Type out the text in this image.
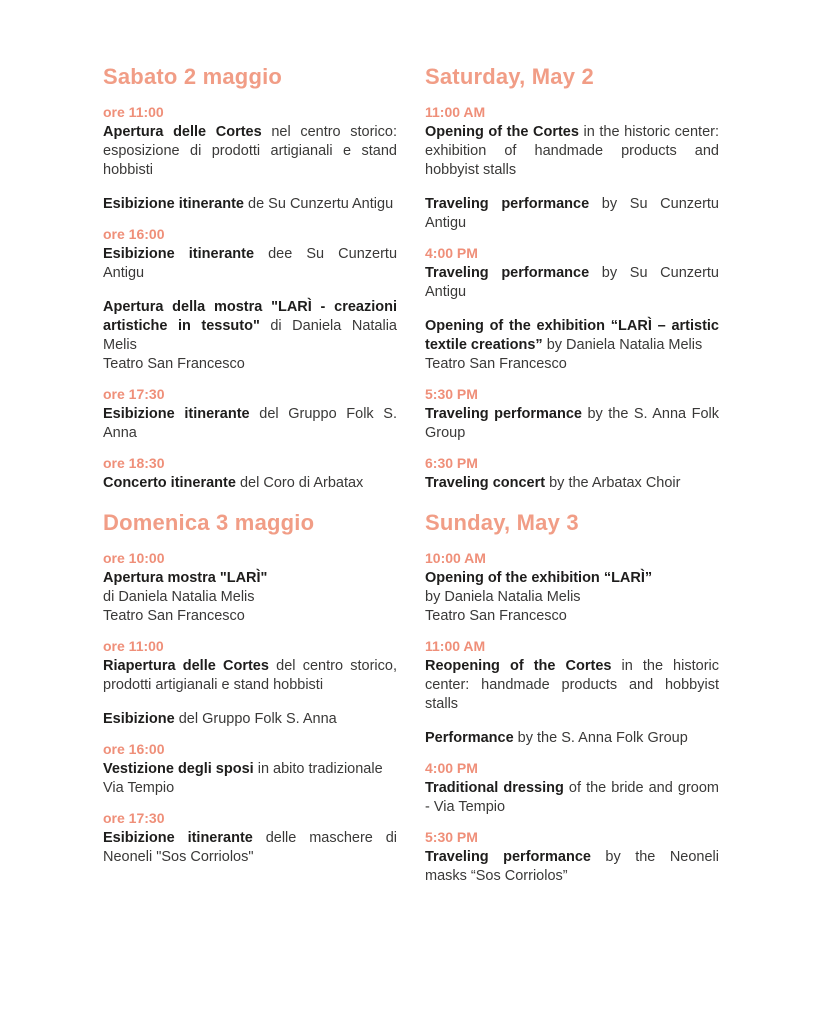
Sabato 2 maggio
ore 11:00

Apertura delle Cortes nel centro storico: esposizione di prodotti artigianali e stand hobbisti

Esibizione itinerante de Su Cunzertu Antigu

ore 16:00

Esibizione itinerante dee Su Cunzertu Antigu

Apertura della mostra "LARÌ - creazioni artistiche in tessuto" di Daniela Natalia Melis
Teatro San Francesco

ore 17:30

Esibizione itinerante del Gruppo Folk S. Anna

ore 18:30

Concerto itinerante del Coro di Arbatax

Saturday, May 2
11:00 AM

Opening of the Cortes in the historic center: exhibition of handmade products and hobbyist stalls

Traveling performance by Su Cunzertu Antigu

4:00 PM

Traveling performance by Su Cunzertu Antigu

Opening of the exhibition “LARÌ – artistic textile creations” by Daniela Natalia Melis
Teatro San Francesco

5:30 PM

Traveling performance by the S. Anna Folk Group

6:30 PM

Traveling concert by the Arbatax Choir

Domenica 3 maggio
ore 10:00

Apertura mostra "LARÌ"
di Daniela Natalia Melis
Teatro San Francesco

ore 11:00

Riapertura delle Cortes del centro storico, prodotti artigianali e stand hobbisti

Esibizione del Gruppo Folk S. Anna

ore 16:00

Vestizione degli sposi in abito tradizionale
Via Tempio

ore 17:30

Esibizione itinerante delle maschere di Neoneli "Sos Corriolos"

Sunday, May 3
10:00 AM

Opening of the exhibition “LARÌ”
by Daniela Natalia Melis
Teatro San Francesco

11:00 AM

Reopening of the Cortes in the historic center: handmade products and hobbyist stalls

Performance by the S. Anna Folk Group

4:00 PM

Traditional dressing of the bride and groom - Via Tempio

5:30 PM

Traveling performance by the Neoneli masks “Sos Corriolos”
